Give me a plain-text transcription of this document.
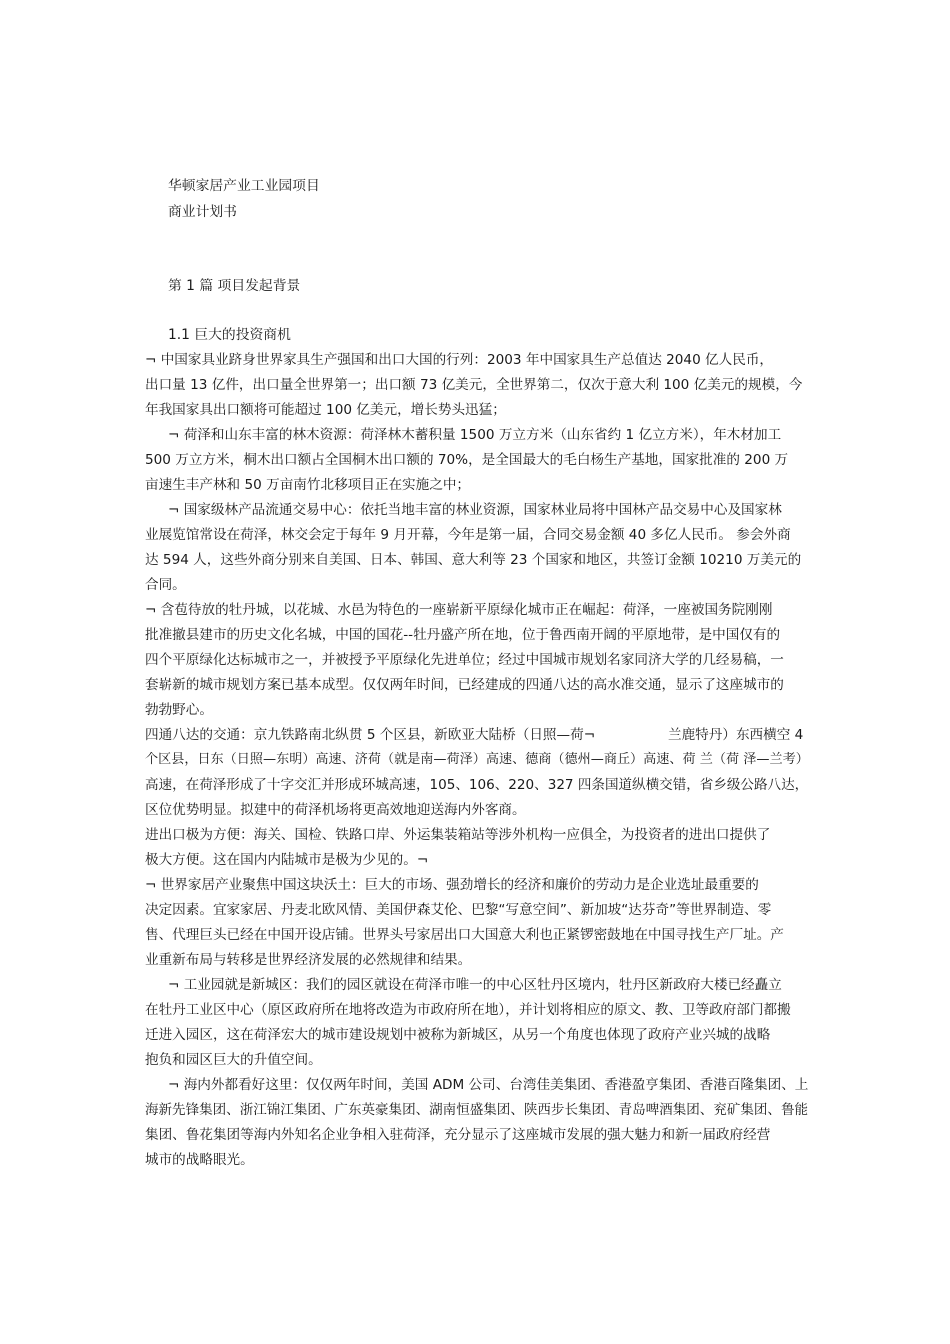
华顿家居产业工业园项目
商业计划书
第 1 篇 项目发起背景
1.1 巨大的投资商机
¬ 中国家具业跻身世界家具生产强国和出口大国的行列：2003 年中国家具生产总值达 2040 亿人民币，
出口量 13 亿件，出口量全世界第一；出口额 73 亿美元，全世界第二，仅次于意大利 100 亿美元的规模，今
年我国家具出口额将可能超过 100 亿美元，增长势头迅猛；
¬ 荷泽和山东丰富的林木资源：荷泽林木蓄积量 1500 万立方米（山东省约 1 亿立方米），年木材加工
500 万立方米，桐木出口额占全国桐木出口额的 70%，是全国最大的毛白杨生产基地，国家批准的 200 万
亩速生丰产林和 50 万亩南竹北移项目正在实施之中；
¬ 国家级林产品流通交易中心：依托当地丰富的林业资源，国家林业局将中国林产品交易中心及国家林
业展览馆常设在荷泽，林交会定于每年 9 月开幕，今年是第一届，合同交易金额 40 多亿人民币。 参会外商
达 594 人，这些外商分别来自美国、日本、韩国、意大利等 23 个国家和地区，共签订金额 10210 万美元的
合同。
¬ 含苞待放的牡丹城，以花城、水邑为特色的一座崭新平原绿化城市正在崛起：荷泽，一座被国务院刚刚
批准撤县建市的历史文化名城，中国的国花--牡丹盛产所在地，位于鲁西南开阔的平原地带，是中国仅有的
四个平原绿化达标城市之一，并被授予平原绿化先进单位；经过中国城市规划名家同济大学的几经易稿，一
套崭新的城市规划方案已基本成型。仅仅两年时间，已经建成的四通八达的高水准交通，显示了这座城市的
勃勃野心。
四通八达的交通：京九铁路南北纵贯 5 个区县，新欧亚大陆桥（日照—荷¬	兰鹿特丹）东西横空 4
个区县，日东（日照—东明）高速、济荷（就是南—荷泽）高速、德商（德州—商丘）高速、荷 兰（荷 泽—兰考）
高速，在荷泽形成了十字交汇并形成环城高速，105、106、220、327 四条国道纵横交错，省乡级公路八达，
区位优势明显。拟建中的荷泽机场将更高效地迎送海内外客商。
进出口极为方便：海关、国检、铁路口岸、外运集装箱站等涉外机构一应俱全，为投资者的进出口提供了
极大方便。这在国内内陆城市是极为少见的。¬
¬ 世界家居产业聚焦中国这块沃土：巨大的市场、强劲增长的经济和廉价的劳动力是企业选址最重要的
决定因素。宜家家居、丹麦北欧风情、美国伊森艾伦、巴黎“写意空间”、新加坡“达芬奇”等世界制造、零
售、代理巨头已经在中国开设店铺。世界头号家居出口大国意大利也正紧锣密鼓地在中国寻找生产厂址。产
业重新布局与转移是世界经济发展的必然规律和结果。
¬ 工业园就是新城区：我们的园区就设在荷泽市唯一的中心区牡丹区境内，牡丹区新政府大楼已经矗立
在牡丹工业区中心（原区政府所在地将改造为市政府所在地），并计划将相应的原文、教、卫等政府部门都搬
迁进入园区，这在荷泽宏大的城市建设规划中被称为新城区，从另一个角度也体现了政府产业兴城的战略
抱负和园区巨大的升值空间。
¬ 海内外都看好这里：仅仅两年时间，美国 ADM 公司、台湾佳美集团、香港盈亨集团、香港百隆集团、上
海新先锋集团、浙江锦江集团、广东英豪集团、湖南恒盛集团、陕西步长集团、青岛啤酒集团、兖矿集团、鲁能
集团、鲁花集团等海内外知名企业争相入驻荷泽，充分显示了这座城市发展的强大魅力和新一届政府经营
城市的战略眼光。
